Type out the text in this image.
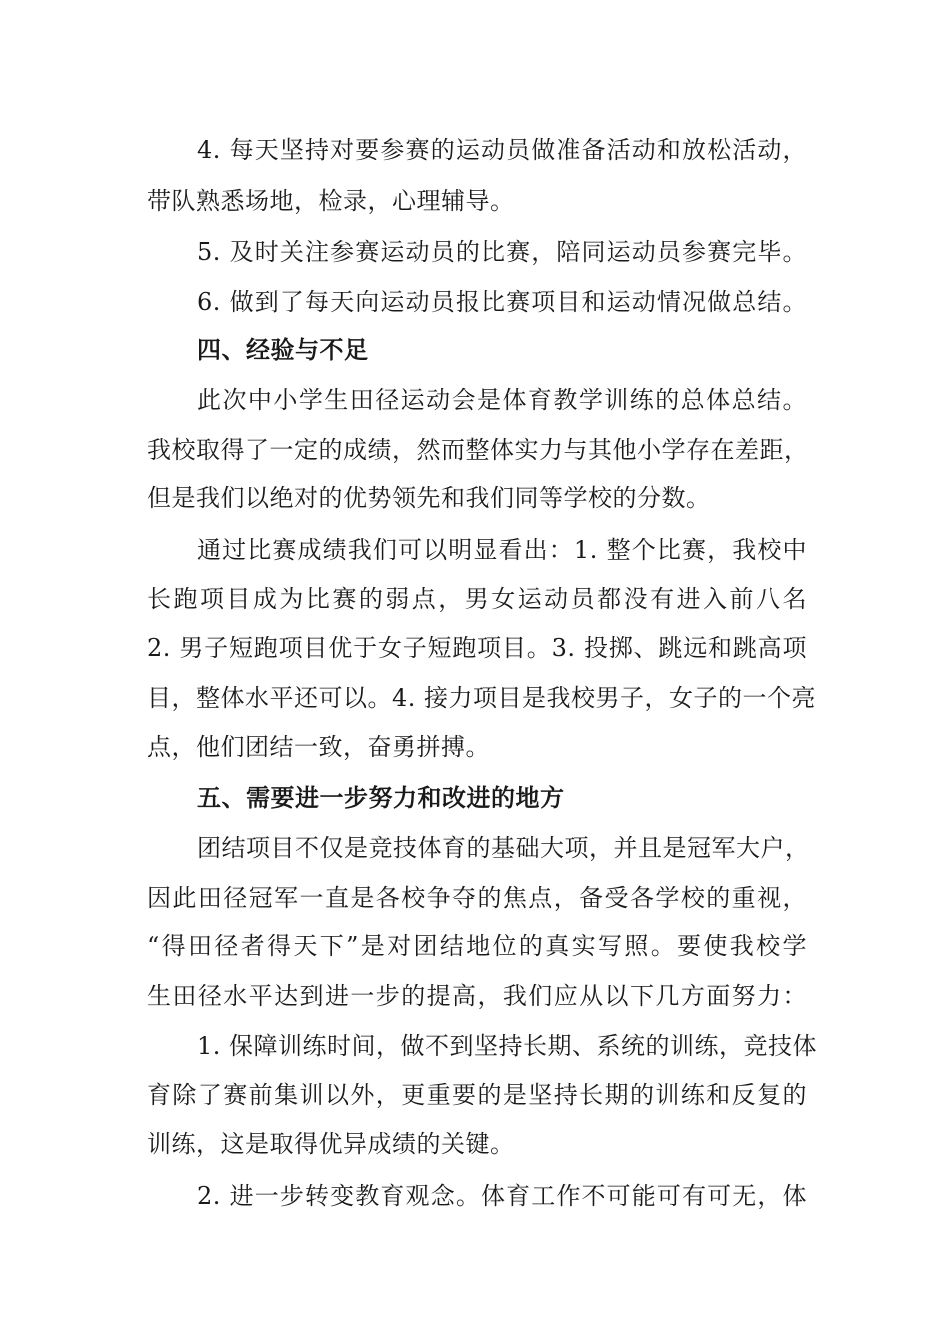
4. 每天坚持对要参赛的运动员做准备活动和放松活动，
带队熟悉场地，检录，心理辅导。
5. 及时关注参赛运动员的比赛，陪同运动员参赛完毕。
6. 做到了每天向运动员报比赛项目和运动情况做总结。
四、经验与不足
此次中小学生田径运动会是体育教学训练的总体总结。
我校取得了一定的成绩，然而整体实力与其他小学存在差距，
但是我们以绝对的优势领先和我们同等学校的分数。
通过比赛成绩我们可以明显看出：1. 整个比赛，我校中
长跑项目成为比赛的弱点，男女运动员都没有进入前八名
2. 男子短跑项目优于女子短跑项目。3. 投掷、跳远和跳高项
目，整体水平还可以。4. 接力项目是我校男子，女子的一个亮
点，他们团结一致，奋勇拼搏。
五、需要进一步努力和改进的地方
团结项目不仅是竞技体育的基础大项，并且是冠军大户，
因此田径冠军一直是各校争夺的焦点，备受各学校的重视，
“得田径者得天下”是对团结地位的真实写照。要使我校学
生田径水平达到进一步的提高，我们应从以下几方面努力：
1. 保障训练时间，做不到坚持长期、系统的训练，竞技体
育除了赛前集训以外，更重要的是坚持长期的训练和反复的
训练，这是取得优异成绩的关键。
2. 进一步转变教育观念。体育工作不可能可有可无，体
